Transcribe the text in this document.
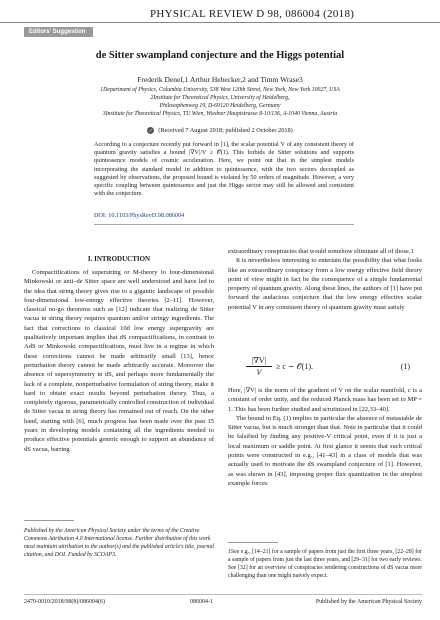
PHYSICAL REVIEW D 98, 086004 (2018)
Editors' Suggestion
de Sitter swampland conjecture and the Higgs potential
Frederik Denef,1 Arthur Hebecker,2 and Timm Wrase3
1Department of Physics, Columbia University, 538 West 120th Street, New York, New York 10027, USA
2Institute for Theoretical Physics, University of Heidelberg,
Philosophenweg 19, D-69120 Heidelberg, Germany
3Institute for Theoretical Physics, TU Wien, Wiedner Hauptstrasse 8-10/136, A-1040 Vienna, Austria
✓ (Received 7 August 2018; published 2 October 2018)
According to a conjecture recently put forward in [1], the scalar potential V of any consistent theory of quantum gravity satisfies a bound |∇V|/V ≥ 𝒪(1). This forbids de Sitter solutions and supports quintessence models of cosmic acceleration. Here, we point out that in the simplest models incorporating the standard model in addition to quintessence, with the two sectors decoupled as suggested by observations, the proposed bound is violated by 50 orders of magnitude. However, a very specific coupling between quintessence and just the Higgs sector may still be allowed and consistent with the conjecture.
DOI: 10.1103/PhysRevD.98.086004
I. INTRODUCTION

Compactifications of superstring or M-theory to four-dimensional Minkowski or anti–de Sitter space are well understood and have led to the idea that string theory gives rise to a gigantic landscape of possible four-dimensional low-energy effective theories [2–11]. However, classical no-go theorems such as [12] indicate that realizing de Sitter vacua in string theory requires quantum and/or stringy ingredients. The fact that corrections to classical 10d low energy supergravity are qualitatively important implies that dS compactifications, in contrast to AdS or Minkowski compactifications, must live in a regime in which these corrections cannot be made arbitrarily small [13], hence perturbation theory cannot be made arbitrarily accurate. Moreover the absence of supersymmetry in dS, and perhaps more fundamentally the lack of a complete, nonperturbative formulation of string theory, make it hard to obtain exact results beyond perturbation theory. Thus, a completely rigorous, parametrically controlled construction of individual de Sitter vacua in string theory has remained out of reach. On the other hand, starting with [6], much progress has been made over the past 15 years in developing models containing all the ingredients needed to produce effective potentials generic enough to support an abundance of dS vacua, barring

extraordinary conspiracies that would somehow eliminate all of those.1

It is nevertheless interesting to entertain the possibility that what looks like an extraordinary conspiracy from a low energy effective field theory point of view might in fact be the consequence of a simple fundamental property of quantum gravity. Along these lines, the authors of [1] have put forward the audacious conjecture that the low energy effective scalar potential V in any consistent theory of quantum gravity must satisfy

|∇V|
V
≥ c ∼ 𝒪(1).	(1)

Here, |∇V| is the norm of the gradient of V on the scalar manifold, c is a constant of order unity, and the reduced Planck mass has been set to MP = 1. This has been further studied and scrutinized in [22,33–40].

The bound in Eq. (1) implies in particular the absence of metastable de Sitter vacua, but is much stronger than that. Note in particular that it could be falsified by finding any positive-V critical point, even if it is just a local maximum or saddle point. At first glance it seems that such critical points were constructed in e.g., [41–43] in a class of models that was actually used to motivate the dS swampland conjecture of [1]. However, as was shown in [43], imposing proper flux quantization in the simplest example forces

Published by the American Physical Society under the terms of the Creative Commons Attribution 4.0 International license. Further distribution of this work must maintain attribution to the author(s) and the published article's title, journal citation, and DOI. Funded by SCOAP3.	1See e.g., [14–21] for a sample of papers from just the first three years, [22–28] for a sample of papers from just the last three years, and [29–31] for two early reviews. See [32] for an overview of conspiracies rendering constructions of dS vacua more challenging than one might naively expect.
2470-0010/2018/98(8)/086004(6)	086004-1	Published by the American Physical Society
